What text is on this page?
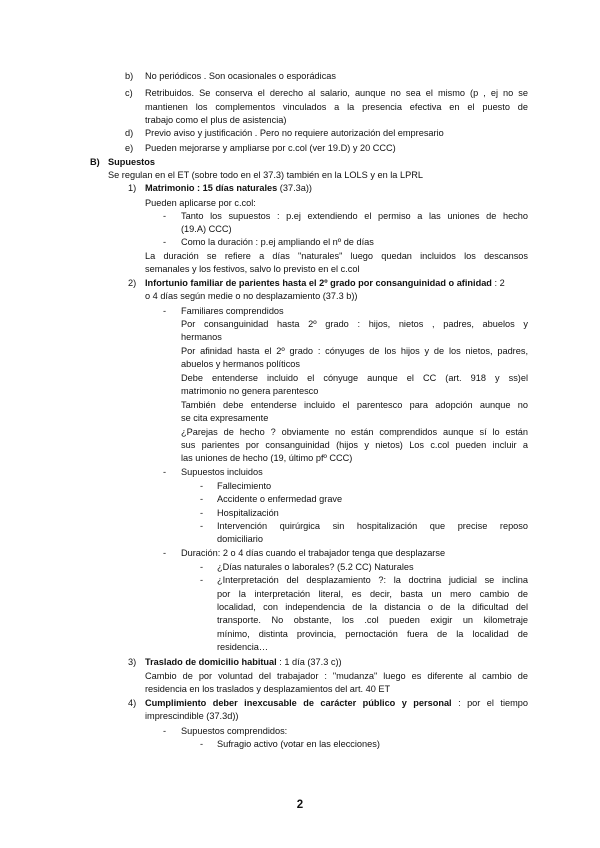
b) No periódicos . Son ocasionales o esporádicas
c) Retribuidos. Se conserva el derecho al salario, aunque no sea el mismo (p , ej no se
mantienen los complementos vinculados a la presencia efectiva en el puesto de
trabajo como el plus de asistencia)
d) Previo aviso y justificación . Pero no requiere autorización del empresario
e) Pueden mejorarse y ampliarse por c.col (ver 19.D) y 20 CCC)
B) Supuestos
Se regulan en el ET (sobre todo en el 37.3) también en la LOLS y en la LPRL
1) Matrimonio : 15 días naturales (37.3a))
Pueden aplicarse por c.col:
- Tanto los supuestos : p.ej extendiendo el permiso a las uniones de hecho
(19.A) CCC)
- Como la duración : p.ej ampliando el nº de días
La duración se refiere a días "naturales" luego quedan incluidos los descansos
semanales y los festivos, salvo lo previsto en el c.col
2) Infortunio familiar de parientes hasta el 2º grado por consanguinidad o afinidad : 2
o 4 días según medie o no desplazamiento (37.3 b))
- Familiares comprendidos
Por consanguinidad hasta 2º grado : hijos, nietos , padres, abuelos y
hermanos
Por afinidad hasta el 2º grado : cónyuges de los hijos y de los nietos, padres,
abuelos y hermanos políticos
Debe entenderse incluido el cónyuge aunque el CC (art. 918 y ss)el
matrimonio no genera parentesco
También debe entenderse incluido el parentesco para adopción aunque no
se cita expresamente
¿Parejas de hecho ? obviamente no están comprendidos aunque sí lo están
sus parientes por consanguinidad (hijos y nietos) Los c.col pueden incluir a
las uniones de hecho (19, último pfº CCC)
- Supuestos incluidos
- Fallecimiento
- Accidente o enfermedad grave
- Hospitalización
- Intervención quirúrgica sin hospitalización que precise reposo
domiciliario
- Duración: 2 o 4 días cuando el trabajador tenga que desplazarse
- ¿Días naturales o laborales? (5.2 CC) Naturales
- ¿Interpretación del desplazamiento ?: la doctrina judicial se inclina
por la interpretación literal, es decir, basta un mero cambio de
localidad, con independencia de la distancia o de la dificultad del
transporte. No obstante, los .col pueden exigir un kilometraje
mínimo, distinta provincia, pernoctación fuera de la localidad de
residencia…
3) Traslado de domicilio habitual : 1 día (37.3 c))
Cambio de por voluntad del trabajador : "mudanza" luego es diferente al cambio de
residencia en los traslados y desplazamientos del art. 40 ET
4) Cumplimiento deber inexcusable de carácter público y personal : por el tiempo
imprescindible (37.3d))
- Supuestos comprendidos:
- Sufragio activo (votar en las elecciones)
2
